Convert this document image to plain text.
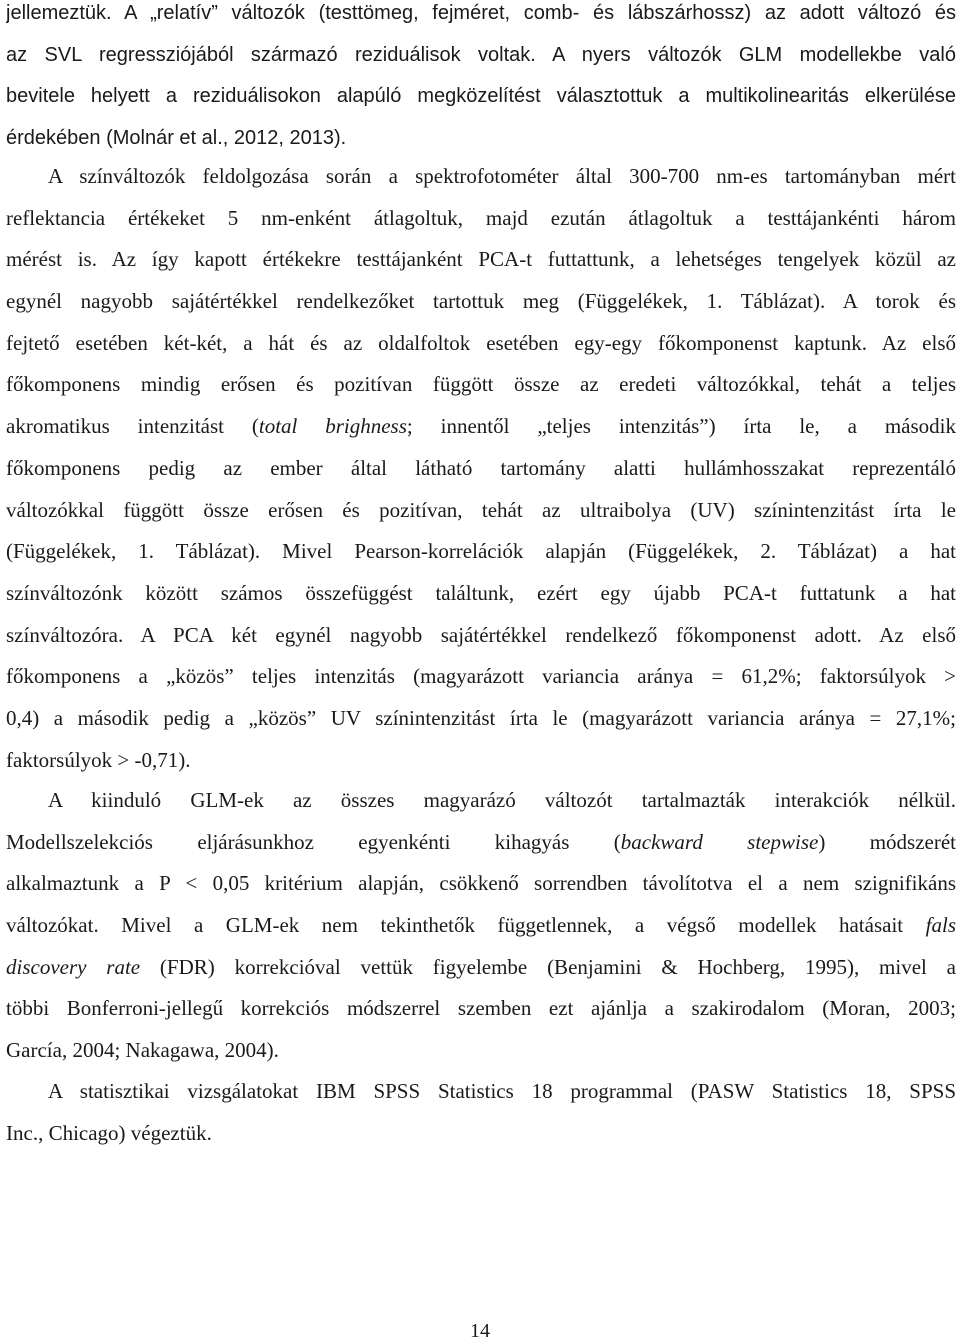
jellemeztük. A „relatív” változók (testtömeg, fejméret, comb- és lábszárhossz) az adott változó és
az SVL regressziójából származó reziduálisok voltak. A nyers változók GLM modellekbe való
bevitele helyett a reziduálisokon alapúló megközelítést választottuk a multikolinearitás elkerülése
érdekében (Molnár et al., 2012, 2013).
A színváltozók feldolgozása során a spektrofotométer által 300-700 nm-es tartományban mért
reflektancia értékeket 5 nm-enként átlagoltuk, majd ezután átlagoltuk a testtájankénti három
mérést is. Az így kapott értékekre testtájanként PCA-t futtattunk, a lehetséges tengelyek közül az
egynél nagyobb sajátértékkel rendelkezőket tartottuk meg (Függelékek, 1. Táblázat). A torok és
fejtető esetében két-két, a hát és az oldalfoltok esetében egy-egy főkomponenst kaptunk. Az első
főkomponens mindig erősen és pozitívan függött össze az eredeti változókkal, tehát a teljes
akromatikus intenzitást (total brighness; innentől „teljes intenzitás”) írta le, a második
főkomponens pedig az ember által látható tartomány alatti hullámhosszakat reprezentáló
változókkal függött össze erősen és pozitívan, tehát az ultraibolya (UV) színintenzitást írta le
(Függelékek, 1. Táblázat). Mivel Pearson-korrelációk alapján (Függelékek, 2. Táblázat) a hat
színváltozónk között számos összefüggést találtunk, ezért egy újabb PCA-t futtatunk a hat
színváltozóra. A PCA két egynél nagyobb sajátértékkel rendelkező főkomponenst adott. Az első
főkomponens a „közös” teljes intenzitás (magyarázott variancia aránya = 61,2%; faktorsúlyok >
0,4) a második pedig a „közös” UV színintenzitást írta le (magyarázott variancia aránya = 27,1%;
faktorsúlyok > -0,71).
A kiinduló GLM-ek az összes magyarázó változót tartalmazták interakciók nélkül.
Modellszelekciós eljárásunkhoz egyenkénti kihagyás (backward stepwise) módszerét
alkalmaztunk a P < 0,05 kritérium alapján, csökkenő sorrendben távolítotva el a nem szignifikáns
változókat. Mivel a GLM-ek nem tekinthetők függetlennek, a végső modellek hatásait fals
discovery rate (FDR) korrekcióval vettük figyelembe (Benjamini & Hochberg, 1995), mivel a
többi Bonferroni-jellegű korrekciós módszerrel szemben ezt ajánlja a szakirodalom (Moran, 2003;
García, 2004; Nakagawa, 2004).
A statisztikai vizsgálatokat IBM SPSS Statistics 18 programmal (PASW Statistics 18, SPSS
Inc., Chicago) végeztük.
14
